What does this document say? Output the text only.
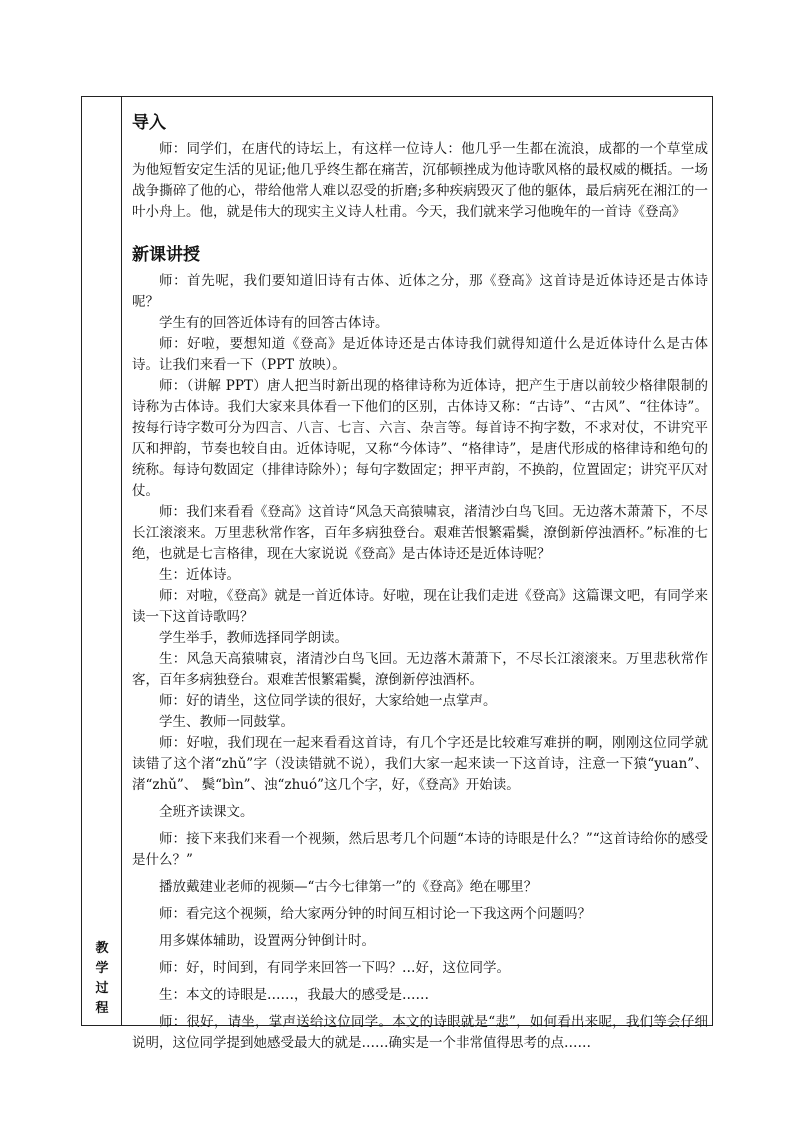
教
学
过
程
导入

师：同学们，在唐代的诗坛上，有这样一位诗人：他几乎一生都在流浪，成都的一个草堂成为他短暂安定生活的见证;他几乎终生都在痛苦，沉郁顿挫成为他诗歌风格的最权威的概括。一场战争撕碎了他的心，带给他常人难以忍受的折磨;多种疾病毁灭了他的躯体，最后病死在湘江的一叶小舟上。他，就是伟大的现实主义诗人杜甫。今天，我们就来学习他晚年的一首诗《登高》

新课讲授

师：首先呢，我们要知道旧诗有古体、近体之分，那《登高》这首诗是近体诗还是古体诗呢？

学生有的回答近体诗有的回答古体诗。

师：好啦，要想知道《登高》是近体诗还是古体诗我们就得知道什么是近体诗什么是古体诗。让我们来看一下（PPT 放映）。

师：（讲解 PPT）唐人把当时新出现的格律诗称为近体诗，把产生于唐以前较少格律限制的诗称为古体诗。我们大家来具体看一下他们的区别，古体诗又称：“古诗”、“古风”、“往体诗”。按每行诗字数可分为四言、八言、七言、六言、杂言等。每首诗不拘字数，不求对仗，不讲究平仄和押韵，节奏也较自由。近体诗呢，又称“今体诗”、“格律诗”，是唐代形成的格律诗和绝句的统称。每诗句数固定（排律诗除外）；每句字数固定；押平声韵，不换韵，位置固定；讲究平仄对仗。

师：我们来看看《登高》这首诗“风急天高猿啸哀，渚清沙白鸟飞回。无边落木萧萧下，不尽长江滚滚来。万里悲秋常作客，百年多病独登台。艰难苦恨繁霜鬓，潦倒新停浊酒杯。”标准的七绝，也就是七言格律，现在大家说说《登高》是古体诗还是近体诗呢？

生：近体诗。

师：对啦，《登高》就是一首近体诗。好啦，现在让我们走进《登高》这篇课文吧，有同学来读一下这首诗歌吗？

学生举手，教师选择同学朗读。

生：风急天高猿啸哀，渚清沙白鸟飞回。无边落木萧萧下，不尽长江滚滚来。万里悲秋常作客，百年多病独登台。艰难苦恨繁霜鬓，潦倒新停浊酒杯。

师：好的请坐，这位同学读的很好，大家给她一点掌声。

学生、教师一同鼓掌。

师：好啦，我们现在一起来看看这首诗，有几个字还是比较难写难拼的啊，刚刚这位同学就读错了这个渚“zhǔ”字（没读错就不说），我们大家一起来读一下这首诗，注意一下猿“yuan”、渚“zhǔ”、 鬓“bìn”、浊“zhuó”这几个字，好，《登高》开始读。

全班齐读课文。

师：接下来我们来看一个视频，然后思考几个问题“本诗的诗眼是什么？”“这首诗给你的感受是什么？”

播放戴建业老师的视频—“古今七律第一”的《登高》绝在哪里？

师：看完这个视频，给大家两分钟的时间互相讨论一下我这两个问题吗？

用多媒体辅助，设置两分钟倒计时。

师：好，时间到，有同学来回答一下吗？…好，这位同学。

生：本文的诗眼是……，我最大的感受是……

师：很好，请坐，掌声送给这位同学。本文的诗眼就是“悲”，如何看出来呢，我们等会仔细说明，这位同学提到她感受最大的就是……确实是一个非常值得思考的点……
